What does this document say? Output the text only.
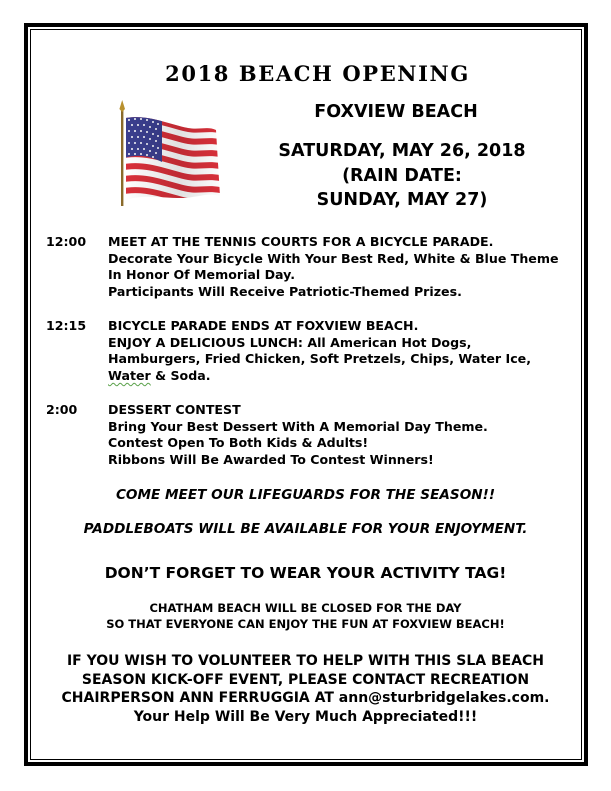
2018 BEACH OPENING
FOXVIEW BEACH
SATURDAY, MAY 26, 2018
(RAIN DATE:
SUNDAY, MAY 27)
12:00	MEET AT THE TENNIS COURTS FOR A BICYCLE PARADE.
Decorate Your Bicycle With Your Best Red, White & Blue Theme
In Honor Of Memorial Day.
Participants Will Receive Patriotic-Themed Prizes.
12:15	BICYCLE PARADE ENDS AT FOXVIEW BEACH.
ENJOY A DELICIOUS LUNCH: All American Hot Dogs,
Hamburgers, Fried Chicken, Soft Pretzels, Chips, Water Ice,
Water & Soda.
2:00	DESSERT CONTEST
Bring Your Best Dessert With A Memorial Day Theme.
Contest Open To Both Kids & Adults!
Ribbons Will Be Awarded To Contest Winners!
COME MEET OUR LIFEGUARDS FOR THE SEASON!!
PADDLEBOATS WILL BE AVAILABLE FOR YOUR ENJOYMENT.
DON’T FORGET TO WEAR YOUR ACTIVITY TAG!
CHATHAM BEACH WILL BE CLOSED FOR THE DAY
SO THAT EVERYONE CAN ENJOY THE FUN AT FOXVIEW BEACH!
IF YOU WISH TO VOLUNTEER TO HELP WITH THIS SLA BEACH
SEASON KICK-OFF EVENT, PLEASE CONTACT RECREATION
CHAIRPERSON ANN FERRUGGIA AT ann@sturbridgelakes.com.
Your Help Will Be Very Much Appreciated!!!
